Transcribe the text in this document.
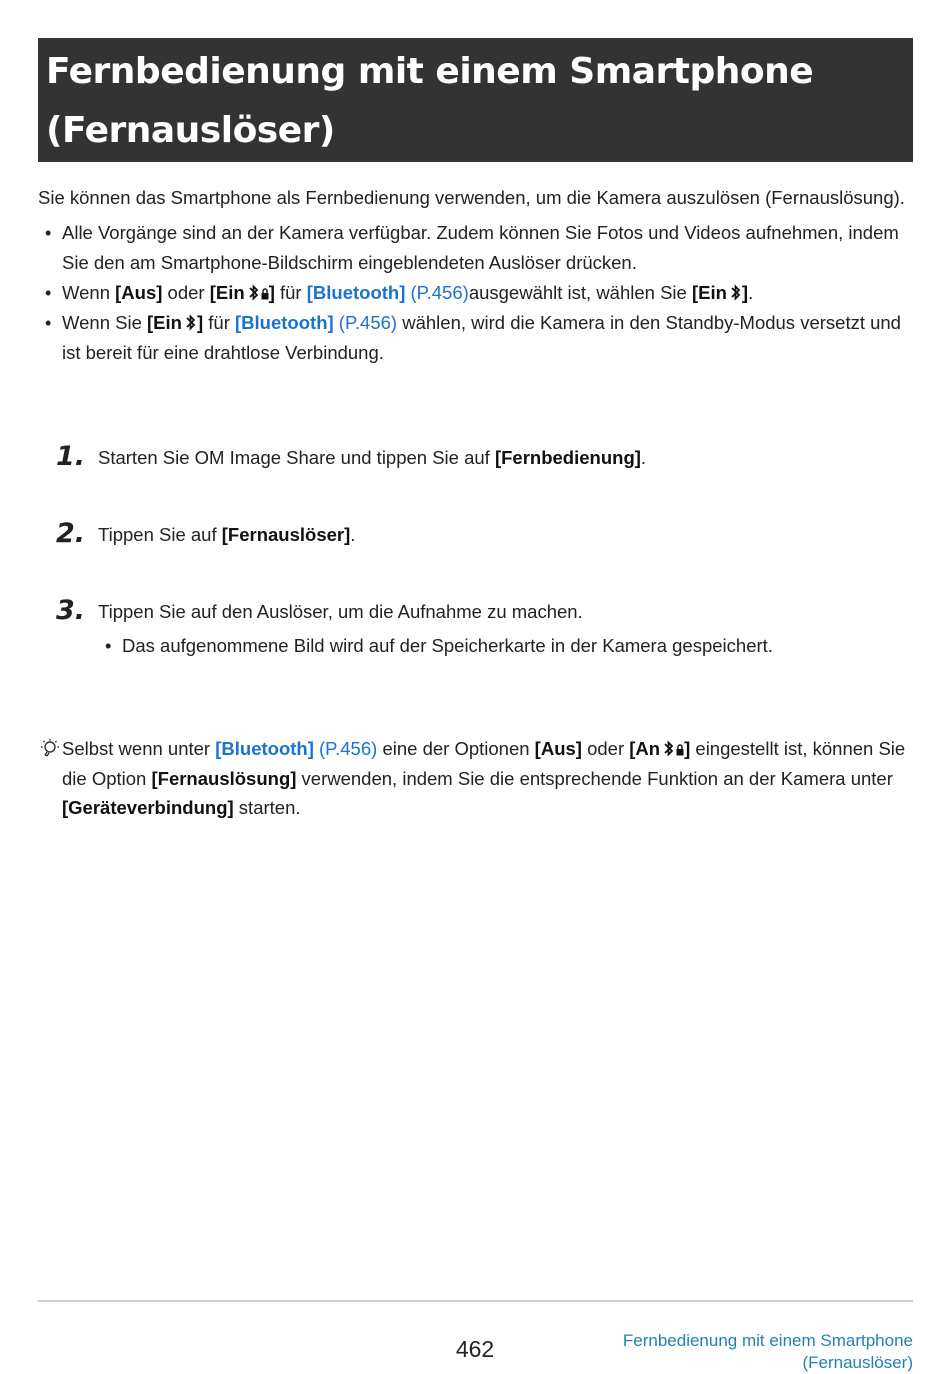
Fernbedienung mit einem Smartphone
(Fernauslöser)

Sie können das Smartphone als Fernbedienung verwenden, um die Kamera auszulösen (Fernauslösung).

• Alle Vorgänge sind an der Kamera verfügbar. Zudem können Sie Fotos und Videos aufnehmen, indem Sie den am Smartphone-Bildschirm eingeblendeten Auslöser drücken.
• Wenn [Aus] oder [Ein ] für [Bluetooth] (P.456)ausgewählt ist, wählen Sie [Ein ].
• Wenn Sie [Ein ] für [Bluetooth] (P.456) wählen, wird die Kamera in den Standby-Modus versetzt und ist bereit für eine drahtlose Verbindung.
1. Starten Sie OM Image Share und tippen Sie auf [Fernbedienung].
2. Tippen Sie auf [Fernauslöser].
3. Tippen Sie auf den Auslöser, um die Aufnahme zu machen.
• Das aufgenommene Bild wird auf der Speicherkarte in der Kamera gespeichert.
Selbst wenn unter [Bluetooth] (P.456) eine der Optionen [Aus] oder [An ] eingestellt ist, können Sie die Option [Fernauslösung] verwenden, indem Sie die entsprechende Funktion an der Kamera unter [Geräteverbindung] starten.
462	Fernbedienung mit einem Smartphone
(Fernauslöser)
